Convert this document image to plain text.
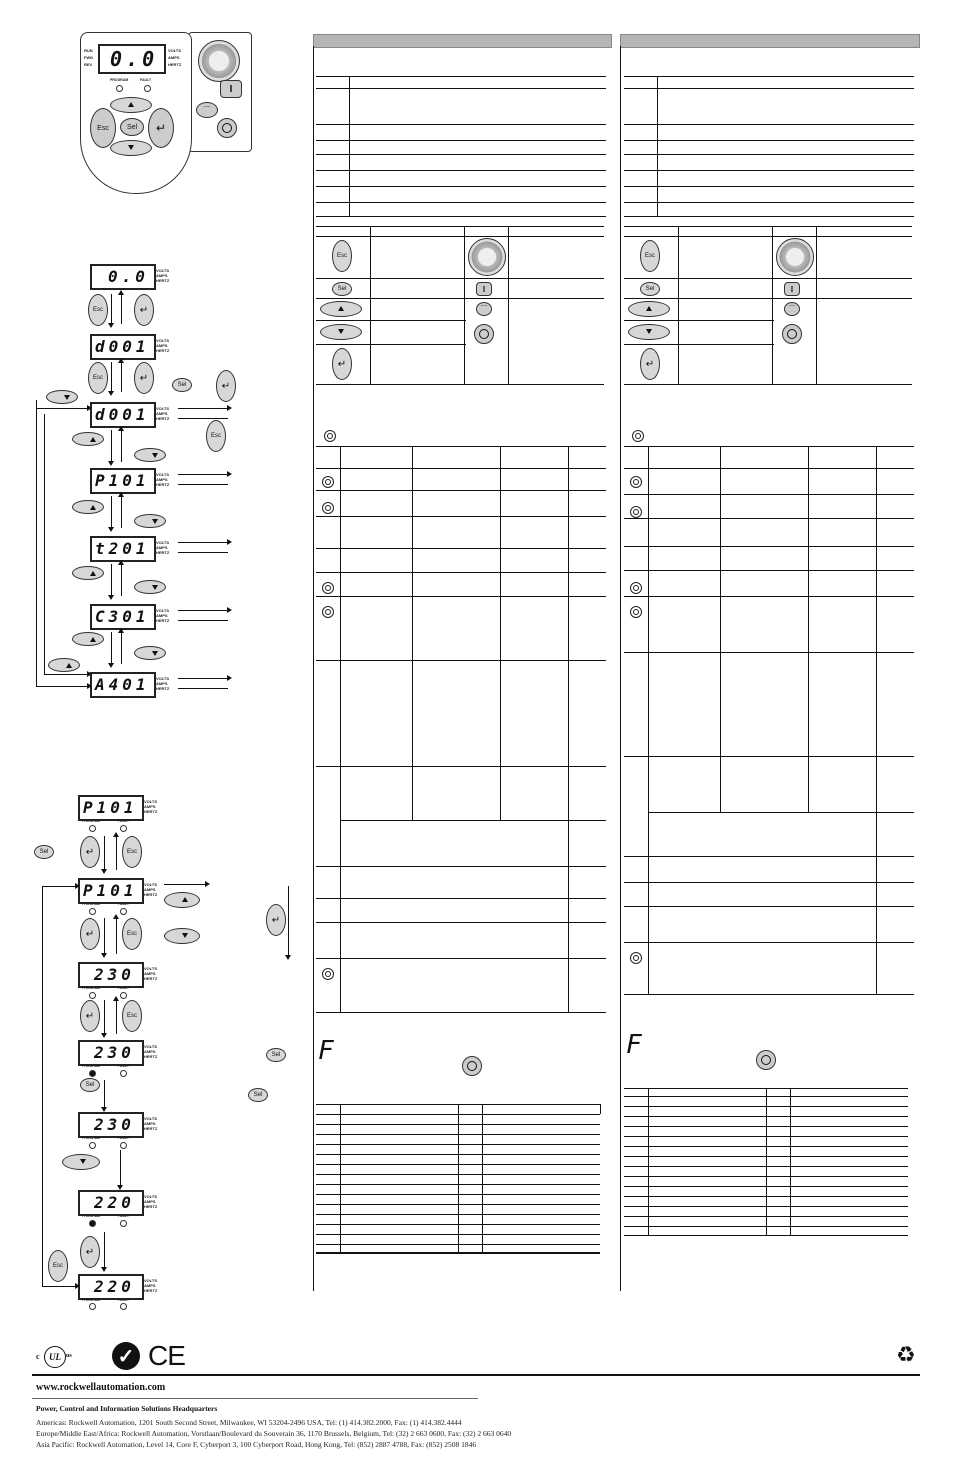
I
⌒
0.0
RUN
FWD
REV
VOLTS
AMPS
HERTZ
PROGRAM	FAULT
Esc	Sel	↵
0.0 VOLTS
AMPS
HERTZ
Esc	↵
d001 VOLTS
AMPS
HERTZ
Esc	↵
Sel	↵
d001 VOLTS
AMPS
HERTZ
Esc
P101 VOLTS
AMPS
HERTZ
t201 VOLTS
AMPS
HERTZ
C301 VOLTS
AMPS
HERTZ
A401 VOLTS
AMPS
HERTZ
P101 VOLTS
AMPS
HERTZ
PROGRAM	FAULT
Sel	↵	Esc
P101 VOLTS
AMPS
HERTZ
PROGRAM	FAULT
↵
↵	Esc
230 VOLTS
AMPS
HERTZ
PROGRAM	FAULT
↵	Esc
230 VOLTS
AMPS
HERTZ
PROGRAM	FAULT
Sel
Sel
Sel
230 VOLTS
AMPS
HERTZ
PROGRAM	FAULT
220 VOLTS
AMPS
HERTZ
PROGRAM	FAULT
↵
Esc
220 VOLTS
AMPS
HERTZ
PROGRAM	FAULT
Esc
Sel
↵
I
⌒
Esc
Sel
↵
I
⌒
F	F
c UL us ✓ CE	♻
www.rockwellautomation.com
Power, Control and Information Solutions Headquarters
Americas: Rockwell Automation, 1201 South Second Street, Milwaukee, WI 53204-2496 USA, Tel: (1) 414.382.2000, Fax: (1) 414.382.4444
Europe/Middle East/Africa: Rockwell Automation, Vorstlaan/Boulevard du Souverain 36, 1170 Brussels, Belgium, Tel: (32) 2 663 0600, Fax: (32) 2 663 0640
Asia Pacific: Rockwell Automation, Level 14, Core F, Cyberport 3, 100 Cyberport Road, Hong Kong, Tel: (852) 2887 4788, Fax: (852) 2508 1846
